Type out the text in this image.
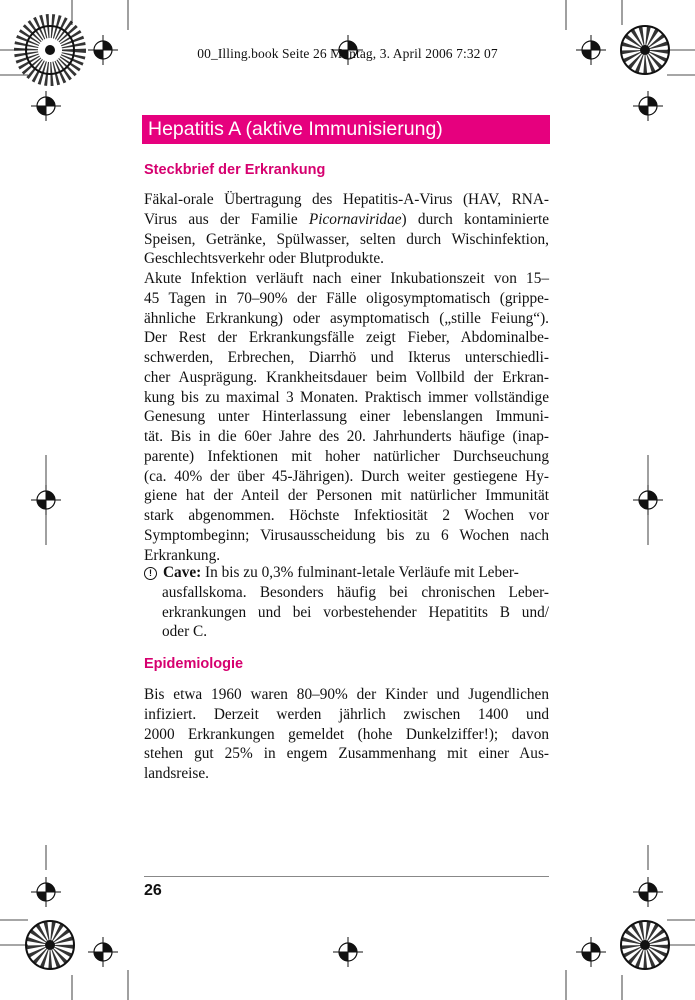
00_Illing.book Seite 26 Montag, 3. April 2006 7:32 07
Hepatitis A (aktive Immunisierung)
Steckbrief der Erkrankung
Fäkal-orale Übertragung des Hepatitis-A-Virus (HAV, RNA-
Virus aus der Familie Picornaviridae) durch kontaminierte
Speisen, Getränke, Spülwasser, selten durch Wischinfektion,
Geschlechtsverkehr oder Blutprodukte.
Akute Infektion verläuft nach einer Inkubationszeit von 15–
45 Tagen in 70–90% der Fälle oligosymptomatisch (grippe-
ähnliche Erkrankung) oder asymptomatisch („stille Feiung“).
Der Rest der Erkrankungsfälle zeigt Fieber, Abdominalbe-
schwerden, Erbrechen, Diarrhö und Ikterus unterschiedli-
cher Ausprägung. Krankheitsdauer beim Vollbild der Erkran-
kung bis zu maximal 3 Monaten. Praktisch immer vollständige
Genesung unter Hinterlassung einer lebenslangen Immuni-
tät. Bis in die 60er Jahre des 20. Jahrhunderts häufige (inap-
parente) Infektionen mit hoher natürlicher Durchseuchung
(ca. 40% der über 45-Jährigen). Durch weiter gestiegene Hy-
giene hat der Anteil der Personen mit natürlicher Immunität
stark abgenommen. Höchste Infektiosität 2 Wochen vor
Symptombeginn; Virusausscheidung bis zu 6 Wochen nach
Erkrankung.
! Cave: In bis zu 0,3% fulminant-letale Verläufe mit Leber-
ausfallskoma. Besonders häufig bei chronischen Leber-
erkrankungen und bei vorbestehender Hepatitits B und/
oder C.
Epidemiologie
Bis etwa 1960 waren 80–90% der Kinder und Jugendlichen
infiziert. Derzeit werden jährlich zwischen 1400 und
2000 Erkrankungen gemeldet (hohe Dunkelziffer!); davon
stehen gut 25% in engem Zusammenhang mit einer Aus-
landsreise.
26
